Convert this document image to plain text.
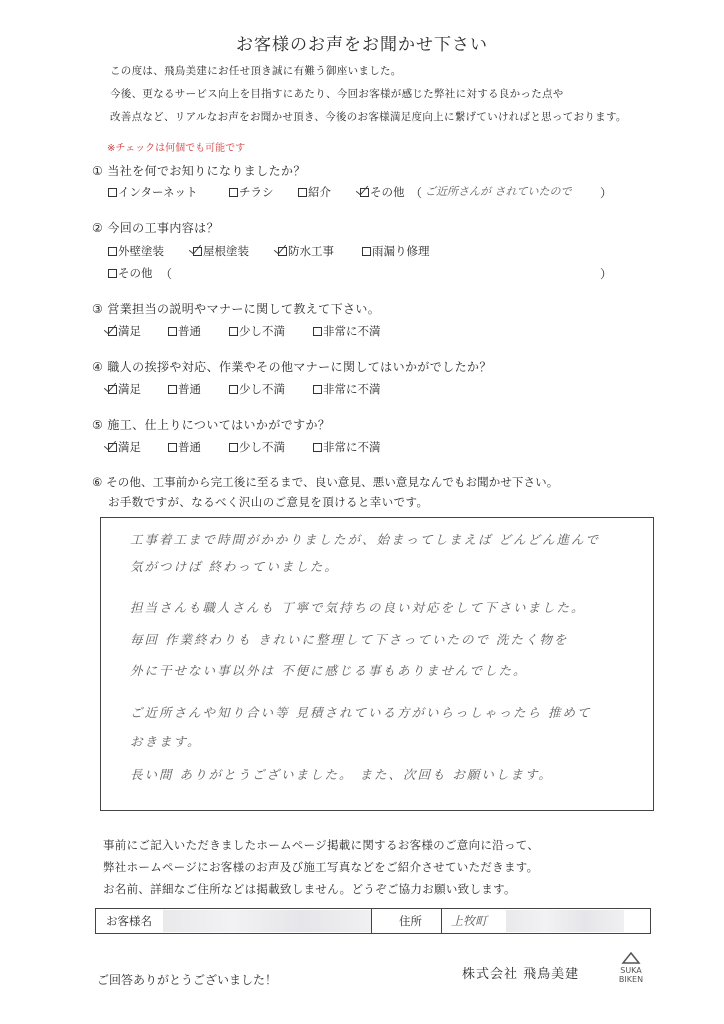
お客様のお声をお聞かせ下さい
この度は、飛鳥美建にお任せ頂き誠に有難う御座いました。
今後、更なるサービス向上を目指すにあたり、今回お客様が感じた弊社に対する良かった点や
改善点など、リアルなお声をお聞かせ頂き、今後のお客様満足度向上に繋げていければと思っております。
※チェックは何個でも可能です
① 当社を何でお知りになりましたか？
インターネット	チラシ	紹介	その他 （ ご近所さんが されていたので ）
② 今回の工事内容は？
外壁塗装	屋根塗装	防水工事	雨漏り修理
その他 （	）
③ 営業担当の説明やマナーに関して教えて下さい。
満足	普通	少し不満	非常に不満
④ 職人の挨拶や対応、作業やその他マナーに関してはいかがでしたか？
満足	普通	少し不満	非常に不満
⑤ 施工、仕上りについてはいかがですか？
満足	普通	少し不満	非常に不満
⑥ その他、工事前から完工後に至るまで、良い意見、悪い意見なんでもお聞かせ下さい。
お手数ですが、なるべく沢山のご意見を頂けると幸いです。
工事着工まで時間がかかりましたが、始まってしまえば どんどん進んで
気がつけば 終わっていました。
担当さんも職人さんも 丁寧で気持ちの良い対応をして下さいました。
毎回 作業終わりも きれいに整理して下さっていたので 洗たく物を
外に干せない事以外は 不便に感じる事もありませんでした。
ご近所さんや知り合い等 見積されている方がいらっしゃったら 推めて
おきます。
長い間 ありがとうございました。 また、次回も お願いします。
事前にご記入いただきましたホームページ掲載に関するお客様のご意向に沿って、
弊社ホームページにお客様のお声及び施工写真などをご紹介させていただきます。
お名前、詳細なご住所などは掲載致しません。どうぞご協力お願い致します。
お客様名	住所 上牧町
ご回答ありがとうございました！	株式会社 飛鳥美建	SUKA
BIKEN
